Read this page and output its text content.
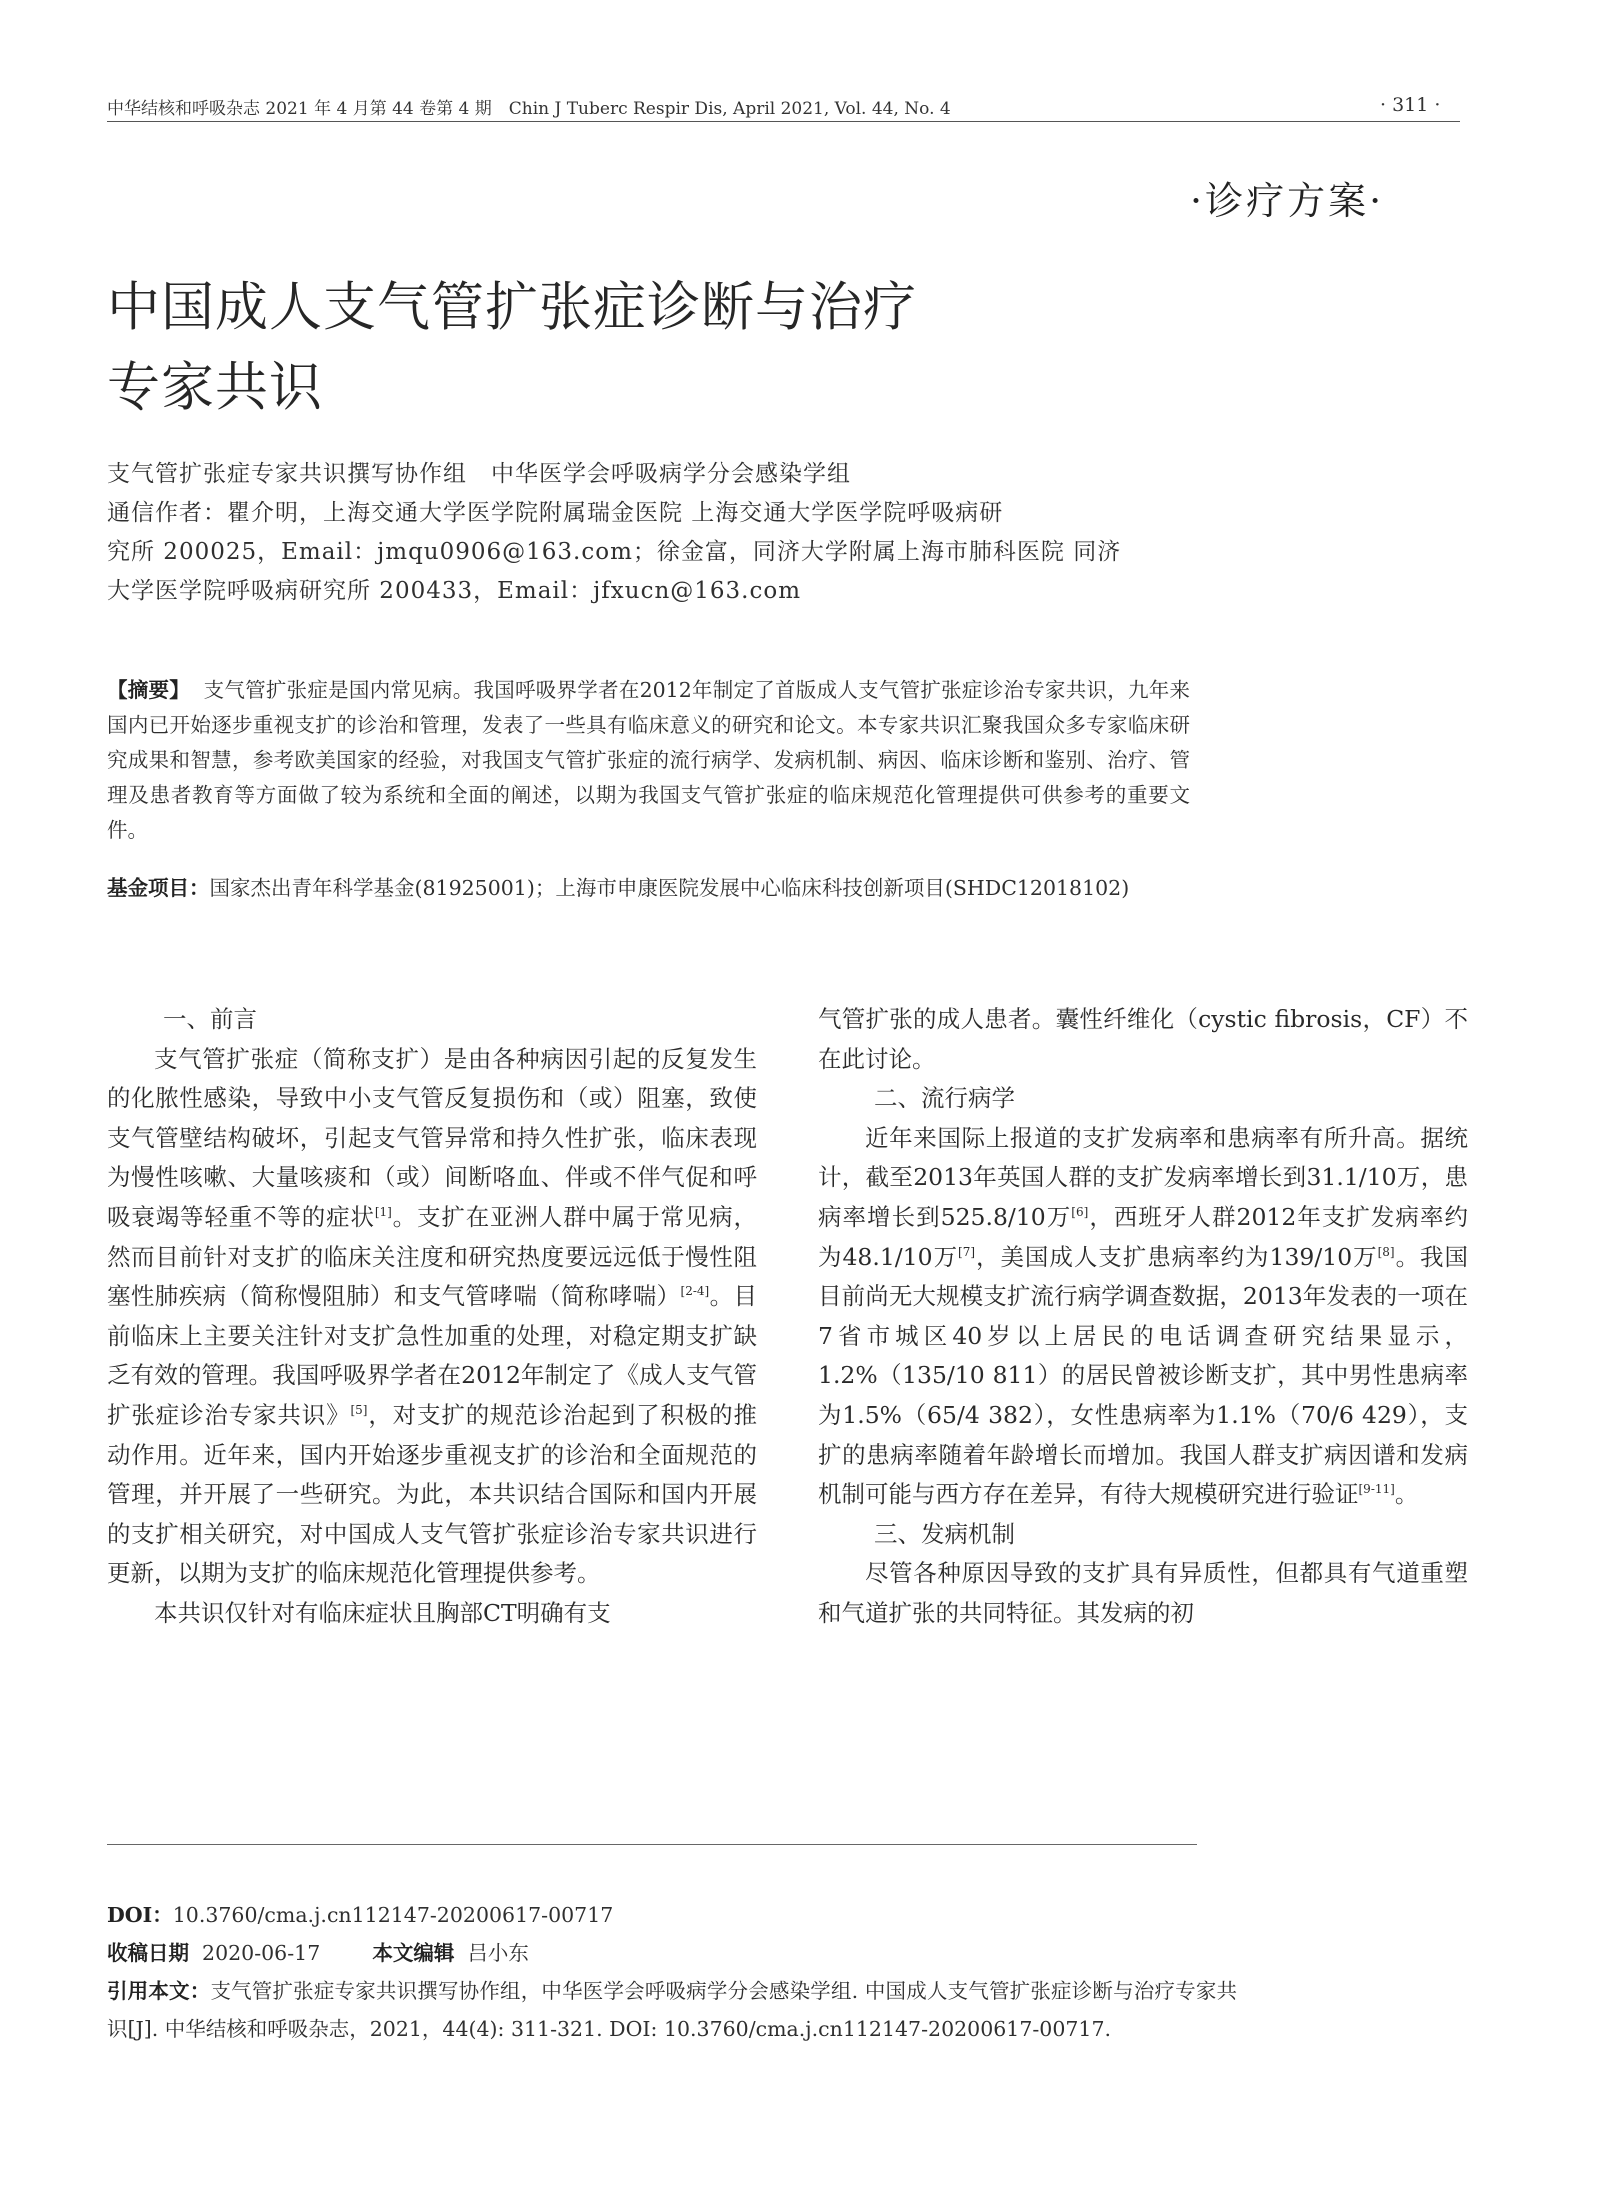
中华结核和呼吸杂志 2021 年 4 月第 44 卷第 4 期　Chin J Tuberc Respir Dis, April 2021, Vol. 44, No. 4	· 311 ·
·诊疗方案·
中国成人支气管扩张症诊断与治疗
专家共识
支气管扩张症专家共识撰写协作组　中华医学会呼吸病学分会感染学组
通信作者：瞿介明，上海交通大学医学院附属瑞金医院 上海交通大学医学院呼吸病研
究所 200025，Email：jmqu0906@163.com；徐金富，同济大学附属上海市肺科医院 同济
大学医学院呼吸病研究所 200433，Email：jfxucn@163.com
【摘要】 支气管扩张症是国内常见病。我国呼吸界学者在2012年制定了首版成人支气管扩张症诊治专家共识，九年来国内已开始逐步重视支扩的诊治和管理，发表了一些具有临床意义的研究和论文。本专家共识汇聚我国众多专家临床研究成果和智慧，参考欧美国家的经验，对我国支气管扩张症的流行病学、发病机制、病因、临床诊断和鉴别、治疗、管理及患者教育等方面做了较为系统和全面的阐述，以期为我国支气管扩张症的临床规范化管理提供可供参考的重要文件。
基金项目：国家杰出青年科学基金(81925001)；上海市申康医院发展中心临床科技创新项目(SHDC12018102)
一、前言

支气管扩张症（简称支扩）是由各种病因引起的反复发生的化脓性感染，导致中小支气管反复损伤和（或）阻塞，致使支气管壁结构破坏，引起支气管异常和持久性扩张，临床表现为慢性咳嗽、大量咳痰和（或）间断咯血、伴或不伴气促和呼吸衰竭等轻重不等的症状[1]。支扩在亚洲人群中属于常见病，然而目前针对支扩的临床关注度和研究热度要远远低于慢性阻塞性肺疾病（简称慢阻肺）和支气管哮喘（简称哮喘）[2-4]。目前临床上主要关注针对支扩急性加重的处理，对稳定期支扩缺乏有效的管理。我国呼吸界学者在2012年制定了《成人支气管扩张症诊治专家共识》[5]，对支扩的规范诊治起到了积极的推动作用。近年来，国内开始逐步重视支扩的诊治和全面规范的管理，并开展了一些研究。为此，本共识结合国际和国内开展的支扩相关研究，对中国成人支气管扩张症诊治专家共识进行更新，以期为支扩的临床规范化管理提供参考。

本共识仅针对有临床症状且胸部CT明确有支

气管扩张的成人患者。囊性纤维化（cystic fibrosis，CF）不在此讨论。

二、流行病学

近年来国际上报道的支扩发病率和患病率有所升高。据统计，截至2013年英国人群的支扩发病率增长到31.1/10万，患病率增长到525.8/10万[6]，西班牙人群2012年支扩发病率约为48.1/10万[7]，美国成人支扩患病率约为139/10万[8]。我国目前尚无大规模支扩流行病学调查数据，2013年发表的一项在7省市城区40岁以上居民的电话调查研究结果显示，1.2%（135/10 811）的居民曾被诊断支扩，其中男性患病率为1.5%（65/4 382），女性患病率为1.1%（70/6 429），支扩的患病率随着年龄增长而增加。我国人群支扩病因谱和发病机制可能与西方存在差异，有待大规模研究进行验证[9-11]。

三、发病机制

尽管各种原因导致的支扩具有异质性，但都具有气道重塑和气道扩张的共同特征。其发病的初

DOI：10.3760/cma.j.cn112147-20200617-00717
收稿日期 2020-06-17	本文编辑 吕小东
引用本文：支气管扩张症专家共识撰写协作组，中华医学会呼吸病学分会感染学组. 中国成人支气管扩张症诊断与治疗专家共识[J]. 中华结核和呼吸杂志，2021，44(4): 311-321. DOI: 10.3760/cma.j.cn112147-20200617-00717.
